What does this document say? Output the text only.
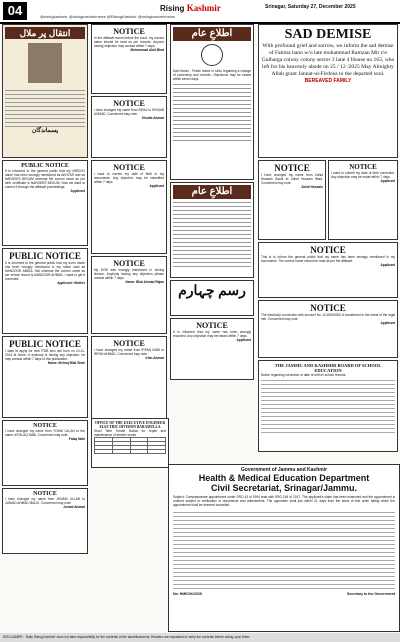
04	Rising Kashmir	Srinagar, Saturday 27, December 2025
@risingkashmir @risingkashmirnews @RisingKashmir @risingkashmirnews
انتقال پر ملال
پسماندگان
PUBLIC NOTICE
It is informed to the general public that my NRS/OG name has been wrongly mentioned as AKHTAR and as NARGEES BEGUM whereas the correct name as per birth certificate is NARGEES BEGUM. Now we want to correct it through the affidavit proceedings.
Applicant
PUBLIC NOTICE
It is informed to the general public that my son's name has been wrongly mentioned in my ration card as MANZOOR ABDUL HAI whereas the correct name as per school record is MANZOOR AHMAD. I want to get it corrected.
Applicant / Mother
PUBLIC NOTICE
I want to apply for new ITDB who are born on 10-11-2014 at home. If anybody is having any objection, he may contact within 7 days of this publication.
Name: Mehraj Bilal Shah
NOTICE
I have changed my name from YONIK ULLAH to the name of FALAQ NABI. Concerned may note.
Falaq Nabi
NOTICE
I have changed my name from JUNAID ULLAH to JUNAID AHMAD MALIK. Concerned may note.
Junaid Ahmad
NOTICE
In the affidavit sworn before the court, my correct name should be read as per records. Anyone having objection may contact within 7 days.
Muhammad Abid Bhat
NOTICE
I have changed my name from SIRAJ to SHOAIB AHMAD. Concerned may note.
Shoaib Ahmad
NOTICE
I want to correct my date of birth in my documents. Any objection may be submitted within 7 days.
Applicant
NOTICE
My DOB was wrongly mentioned in driving licence. Anybody having any objection please contact within 7 days.
Name: Bilal Ahmad Rajan
NOTICE
I have changed my name from IRFAN NABI to IRFAN AHMAD. Concerned may note.
Irfan Ahmad
OFFICE OF THE EXECUTIVE ENGINEER ELECTRIC DIVISION BARAMULLA
Short Term Tender Notice for repair and maintenance of electric works.

اطلاعِ عام
Daril Aman - Public notice in Urdu regarding a change of ownership and records. Objections may be raised within seven days.
اطلاعِ عام
رسم چہارم
NOTICE
It is informed that my name has been wrongly recorded. Any objection may be raised within 7 days.
Applicant
SAD DEMISE
With profound grief and sorrow, we inform the sad demise of Fatima bano w/o late mohammad Ramzan Mir r/o Gulbarga colony colony sector 3 lane 4 House no 163, who left for his heavenly abode on 25 / 12 /2025 May Almighty Allah grant Jannat-ul-Firdous to the departed soul.
BEREAVED FAMILY
NOTICE
I have changed my name from Zahid Hussain Ganie to Zahid Hussain Wani. Concerned may note.
Zahid Hussain
NOTICE
I want to submit my date of birth correction. Any objection may be made within 7 days.
Applicant
NOTICE
This is to inform the general public that my name has been wrongly mentioned in my documents. The correct name should be read as per the affidavit.
Applicant
NOTICE
The electricity connection with account No. G100050000 is transferred in the name of the legal heir. Concerned may note.
Applicant
THE JAMMU AND KASHMIR BOARD OF SCHOOL EDUCATION
Notice regarding correction of date of birth in school records.
Government of Jammu and Kashmir
Health & Medical Education Department
Civil Secretariat, Srinagar/Jammu.
Subject: Compassionate appointment under SRO 43 of 1994 read with SRO 164 of 2017. The applicant's claim has been examined and the appointment is ordered subject to verification of documents and antecedents. The appointee shall join within 21 days from the issue of this order failing which the appointment shall be deemed cancelled.
No: HME/JK/2025	Secretary to the Government
DISCLAIMER : 'Daily Rising Kashmir' does not take responsibility for the contents of the advertisements. Readers are requested to verify the contents before acting upon them.
